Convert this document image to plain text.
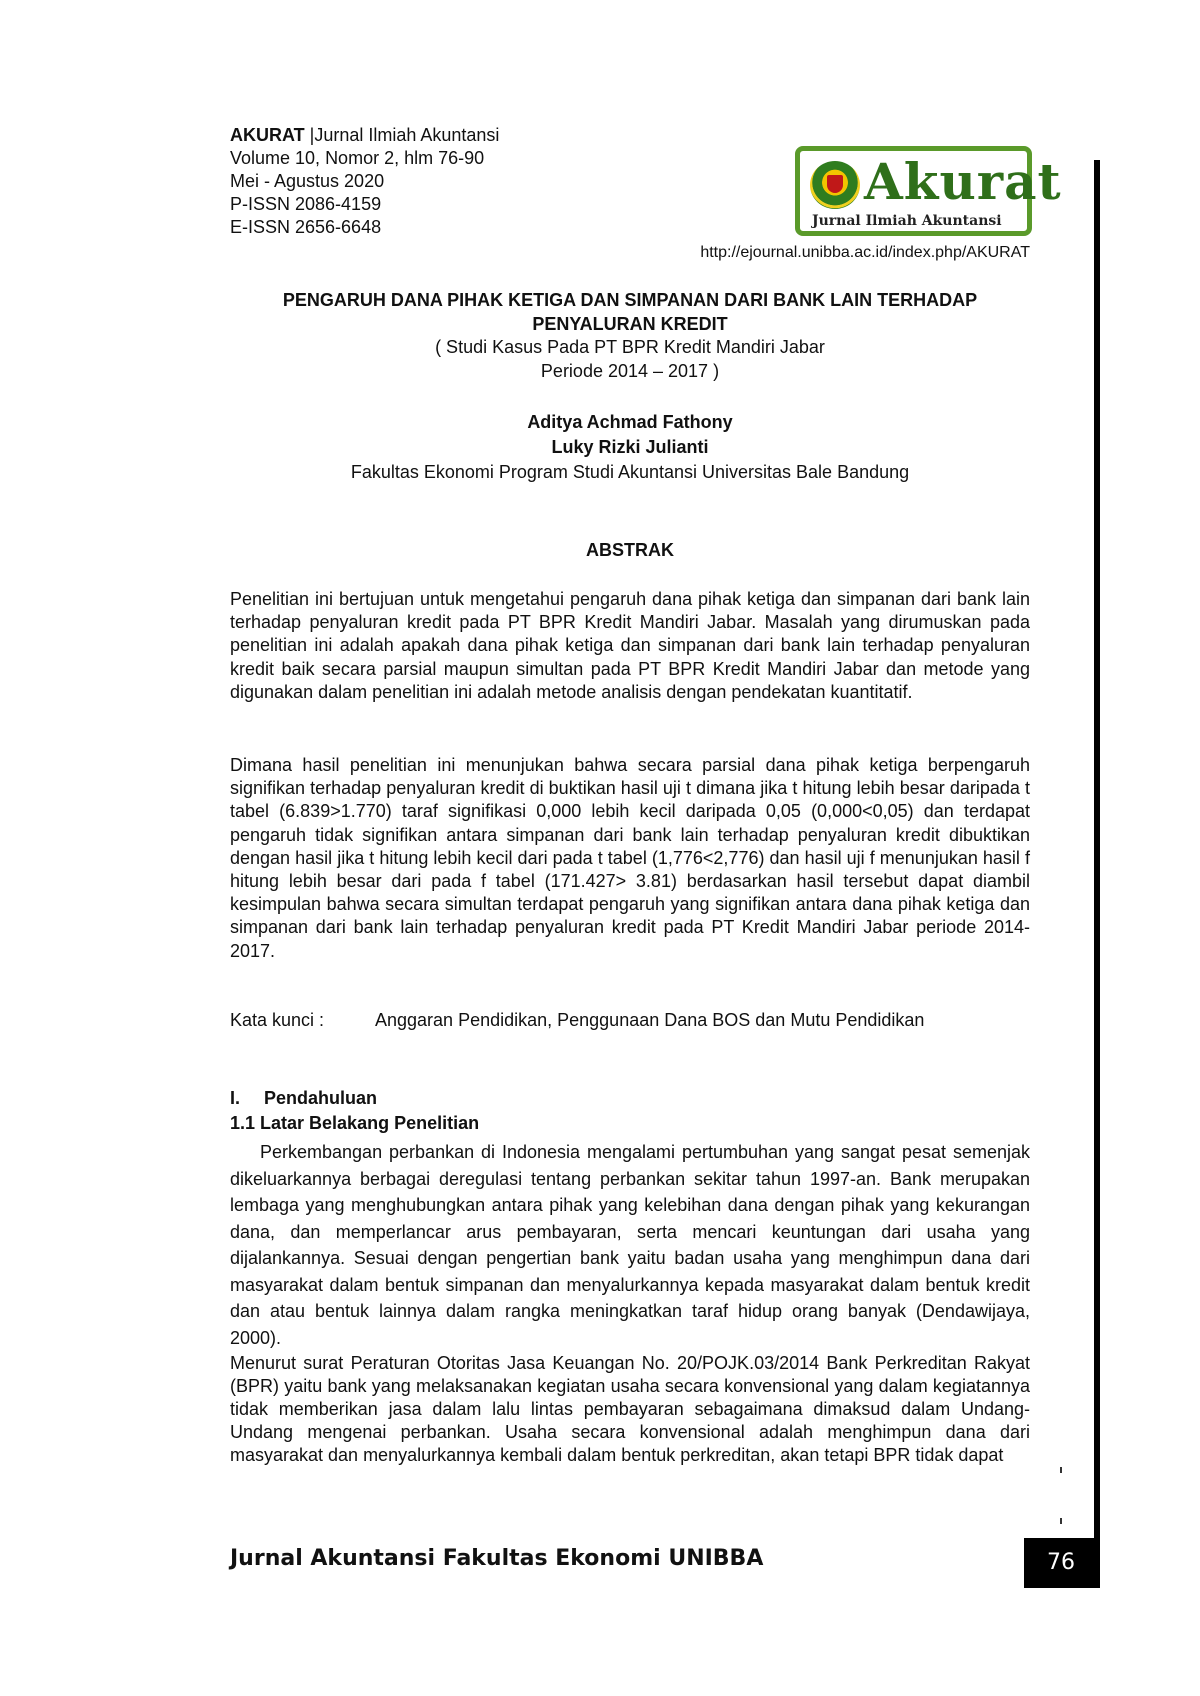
AKURAT |Jurnal Ilmiah Akuntansi
Volume 10, Nomor 2, hlm 76-90
Mei - Agustus 2020
P-ISSN 2086-4159
E-ISSN 2656-6648
Akurat
Jurnal Ilmiah Akuntansi
http://ejournal.unibba.ac.id/index.php/AKURAT
PENGARUH DANA PIHAK KETIGA DAN SIMPANAN DARI BANK LAIN TERHADAP
PENYALURAN KREDIT
( Studi Kasus Pada PT BPR Kredit Mandiri Jabar
Periode 2014 – 2017 )
Aditya Achmad Fathony
Luky Rizki Julianti
Fakultas Ekonomi Program Studi Akuntansi Universitas Bale Bandung
ABSTRAK
Penelitian ini bertujuan untuk mengetahui pengaruh dana pihak ketiga dan simpanan dari bank lain terhadap penyaluran kredit pada PT BPR Kredit Mandiri Jabar. Masalah yang dirumuskan pada penelitian ini adalah apakah dana pihak ketiga dan simpanan dari bank lain terhadap penyaluran kredit baik secara parsial maupun simultan pada PT BPR Kredit Mandiri Jabar dan metode yang digunakan dalam penelitian ini adalah metode analisis dengan pendekatan kuantitatif.
Dimana hasil penelitian ini menunjukan bahwa secara parsial dana pihak ketiga berpengaruh signifikan terhadap penyaluran kredit di buktikan hasil uji t dimana jika t hitung lebih besar daripada t tabel (6.839>1.770) taraf signifikasi 0,000 lebih kecil daripada 0,05 (0,000<0,05) dan terdapat pengaruh tidak signifikan antara simpanan dari bank lain terhadap penyaluran kredit dibuktikan dengan hasil jika t hitung lebih kecil dari pada t tabel (1,776<2,776) dan hasil uji f menunjukan hasil f hitung lebih besar dari pada f tabel (171.427> 3.81) berdasarkan hasil tersebut dapat diambil kesimpulan bahwa secara simultan terdapat pengaruh yang signifikan antara dana pihak ketiga dan simpanan dari bank lain terhadap penyaluran kredit pada PT Kredit Mandiri Jabar periode 2014-2017.
Kata kunci :	Anggaran Pendidikan, Penggunaan Dana BOS dan Mutu Pendidikan
I. Pendahuluan
1.1 Latar Belakang Penelitian
Perkembangan perbankan di Indonesia mengalami pertumbuhan yang sangat pesat semenjak dikeluarkannya berbagai deregulasi tentang perbankan sekitar tahun 1997-an. Bank merupakan lembaga yang menghubungkan antara pihak yang kelebihan dana dengan pihak yang kekurangan dana, dan memperlancar arus pembayaran, serta mencari keuntungan dari usaha yang dijalankannya. Sesuai dengan pengertian bank yaitu badan usaha yang menghimpun dana dari masyarakat dalam bentuk simpanan dan menyalurkannya kepada masyarakat dalam bentuk kredit dan atau bentuk lainnya dalam rangka meningkatkan taraf hidup orang banyak (Dendawijaya, 2000).
Menurut surat Peraturan Otoritas Jasa Keuangan No. 20/POJK.03/2014 Bank Perkreditan Rakyat (BPR) yaitu bank yang melaksanakan kegiatan usaha secara konvensional yang dalam kegiatannya tidak memberikan jasa dalam lalu lintas pembayaran sebagaimana dimaksud dalam Undang-Undang mengenai perbankan. Usaha secara konvensional adalah menghimpun dana dari masyarakat dan menyalurkannya kembali dalam bentuk perkreditan, akan tetapi BPR tidak dapat
Jurnal Akuntansi Fakultas Ekonomi UNIBBA	76
